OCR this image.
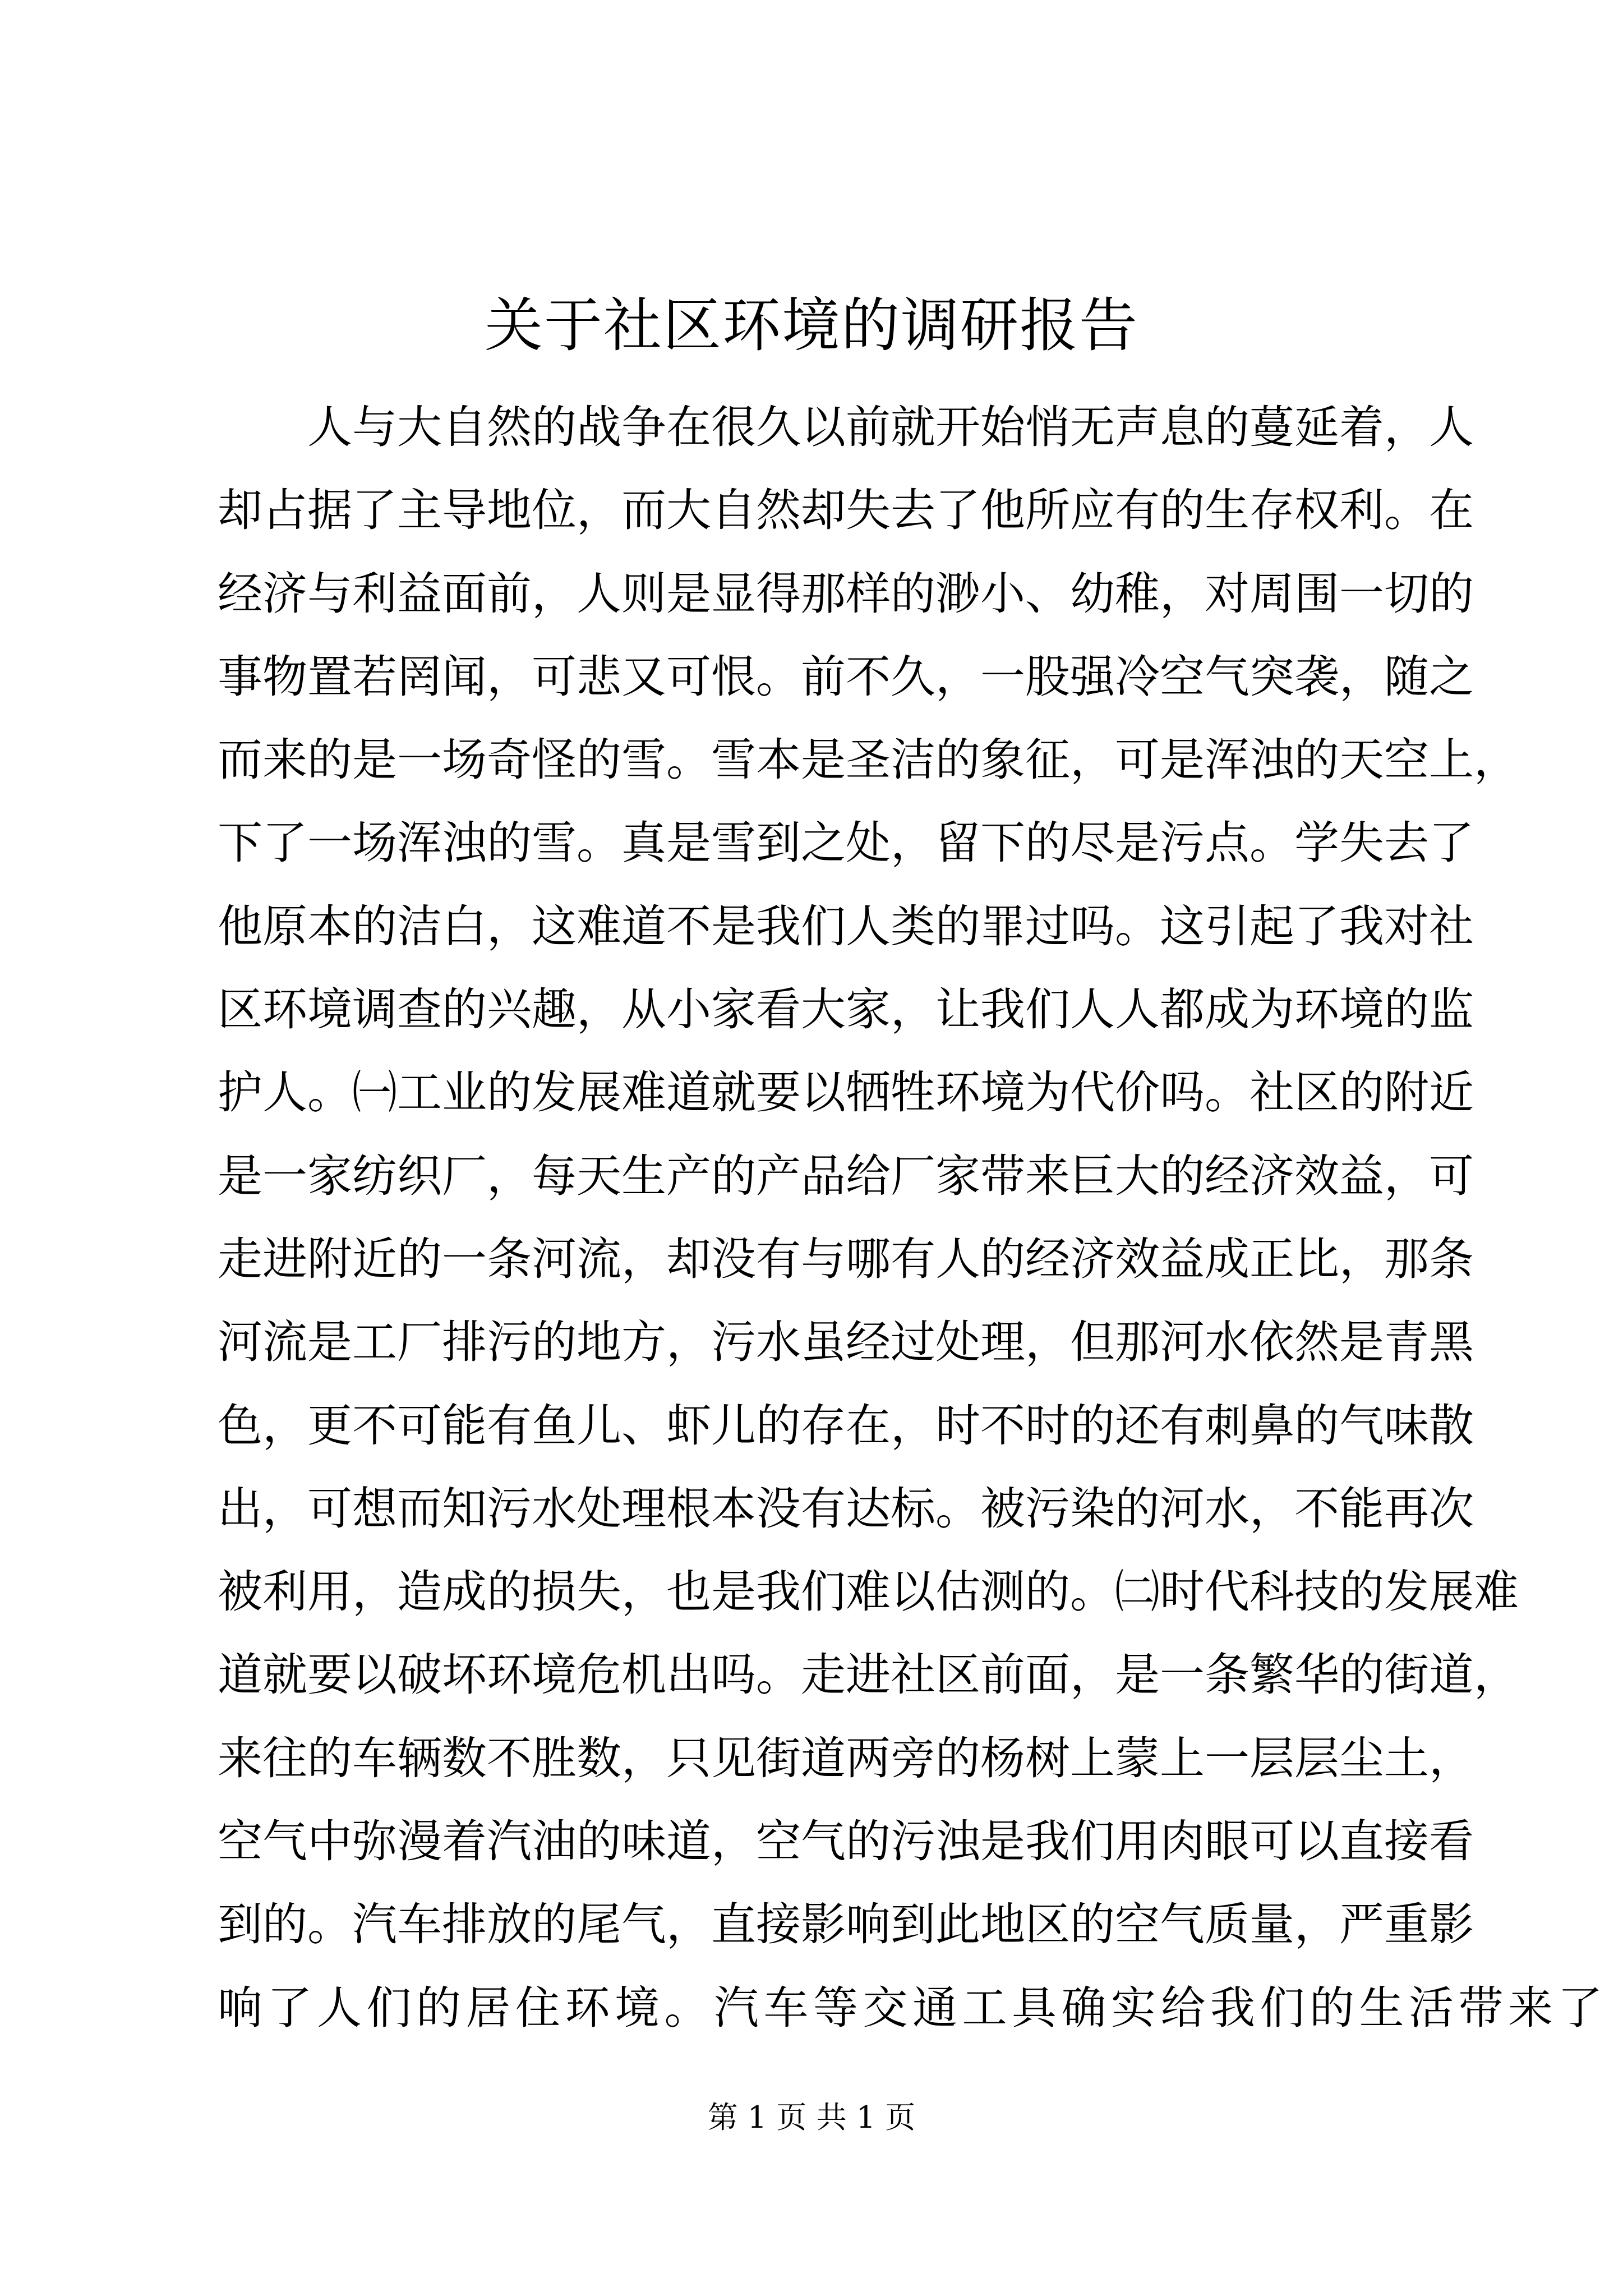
关于社区环境的调研报告
人与大自然的战争在很久以前就开始悄无声息的蔓延着，人
却占据了主导地位，而大自然却失去了他所应有的生存权利。在
经济与利益面前，人则是显得那样的渺小、幼稚，对周围一切的
事物置若罔闻，可悲又可恨。前不久，一股强冷空气突袭，随之
而来的是一场奇怪的雪。雪本是圣洁的象征，可是浑浊的天空上，
下了一场浑浊的雪。真是雪到之处，留下的尽是污点。学失去了
他原本的洁白，这难道不是我们人类的罪过吗。这引起了我对社
区环境调查的兴趣，从小家看大家，让我们人人都成为环境的监
护人。㈠工业的发展难道就要以牺牲环境为代价吗。社区的附近
是一家纺织厂，每天生产的产品给厂家带来巨大的经济效益，可
走进附近的一条河流，却没有与哪有人的经济效益成正比，那条
河流是工厂排污的地方，污水虽经过处理，但那河水依然是青黑
色，更不可能有鱼儿、虾儿的存在，时不时的还有刺鼻的气味散
出，可想而知污水处理根本没有达标。被污染的河水，不能再次
被利用，造成的损失，也是我们难以估测的。㈡时代科技的发展难
道就要以破坏环境危机出吗。走进社区前面，是一条繁华的街道，
来往的车辆数不胜数，只见街道两旁的杨树上蒙上一层层尘土，
空气中弥漫着汽油的味道，空气的污浊是我们用肉眼可以直接看
到的。汽车排放的尾气，直接影响到此地区的空气质量，严重影
响了人们的居住环境。汽车等交通工具确实给我们的生活带来了
第 1 页 共 1 页
